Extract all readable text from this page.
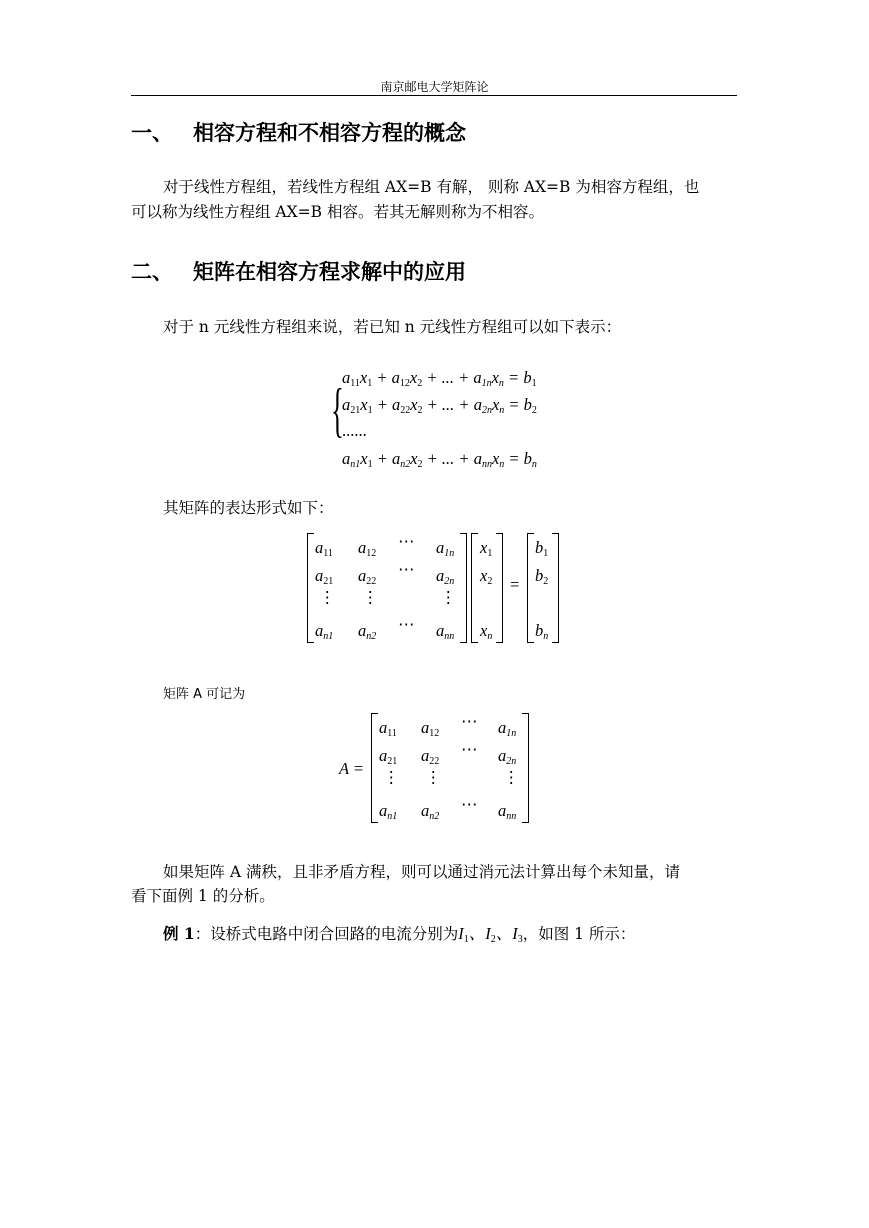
南京邮电大学矩阵论
一、 相容方程和不相容方程的概念
对于线性方程组，若线性方程组 AX=B 有解， 则称 AX=B 为相容方程组，也
可以称为线性方程组 AX=B 相容。若其无解则称为不相容。
二、 矩阵在相容方程求解中的应用
对于 n 元线性方程组来说，若已知 n 元线性方程组可以如下表示：
{
$a_{11}x_1 + a_{12}x_2$ + ... + $a_{1n}x_n = b_1$
$a_{21}x_1 + a_{22}x_2$ + ... + $a_{2n}x_n = b_2$
......
$a_{n1}x_1 + a_{n2}x_2$ + ... + $a_{nn}x_n = b_n$
其矩阵的表达形式如下：
$a_{11}$ $a_{12}$
⋯ $a_{1n}$
$a_{21}$ $a_{22}$
⋯ $a_{2n}$
⋮ ⋮	⋮
$a_{n1}$ $a_{n2}$
⋯ $a_{nn}$
$x_1$
$x_2$
$x_n$
=
$b_1$
$b_2$
$b_n$
矩阵 A 可记为
A =
$a_{11}$ $a_{12}$
⋯ $a_{1n}$
$a_{21}$ $a_{22}$
⋯ $a_{2n}$
⋮ ⋮	⋮
$a_{n1}$ $a_{n2}$
⋯ $a_{nn}$
如果矩阵 A 满秩，且非矛盾方程，则可以通过消元法计算出每个未知量，请
看下面例 1 的分析。
例 1：设桥式电路中闭合回路的电流分别为$I_1$、$I_2$、$I_3$，如图 1 所示：
